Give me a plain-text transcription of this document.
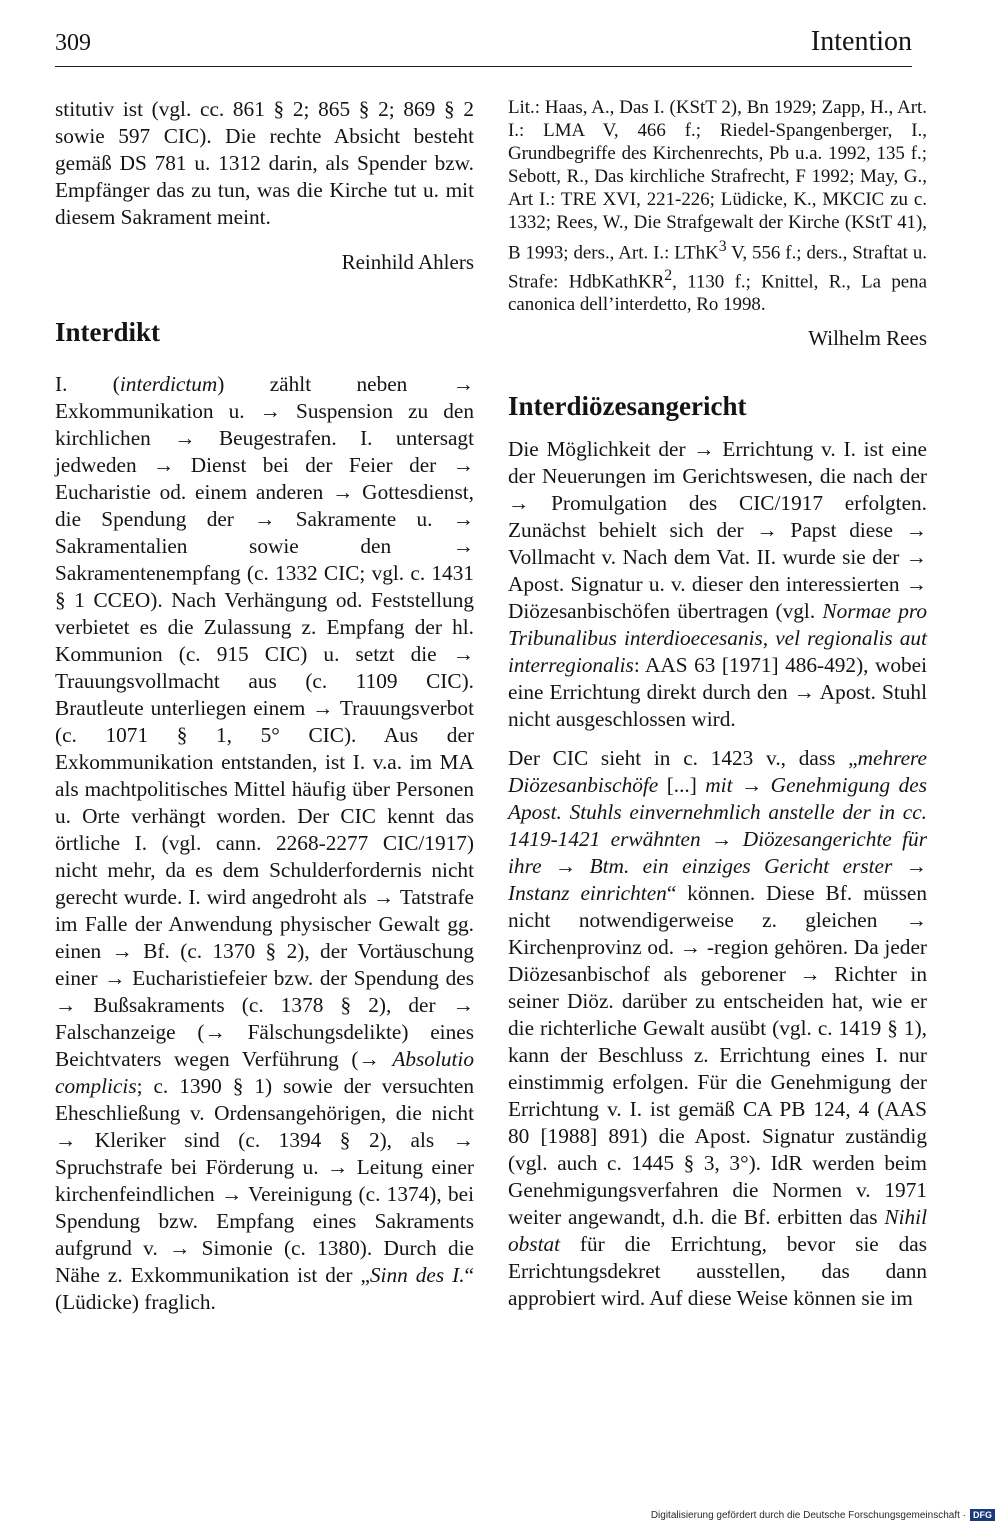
309	Intention

stitutiv ist (vgl. cc. 861 § 2; 865 § 2; 869 § 2 sowie 597 CIC). Die rechte Absicht besteht gemäß DS 781 u. 1312 darin, als Spender bzw. Empfänger das zu tun, was die Kirche tut u. mit diesem Sakrament meint.

Reinhild Ahlers

Interdikt

I. (interdictum) zählt neben → Exkommunikation u. → Suspension zu den kirchlichen → Beugestrafen. I. untersagt jedweden → Dienst bei der Feier der → Eucharistie od. einem anderen → Gottesdienst, die Spendung der → Sakramente u. → Sakramentalien sowie den → Sakramentenempfang (c. 1332 CIC; vgl. c. 1431 § 1 CCEO). Nach Verhängung od. Feststellung verbietet es die Zulassung z. Empfang der hl. Kommunion (c. 915 CIC) u. setzt die → Trauungsvollmacht aus (c. 1109 CIC). Brautleute unterliegen einem → Trauungsverbot (c. 1071 § 1, 5° CIC). Aus der Exkommunikation entstanden, ist I. v.a. im MA als machtpolitisches Mittel häufig über Personen u. Orte verhängt worden. Der CIC kennt das örtliche I. (vgl. cann. 2268-2277 CIC/1917) nicht mehr, da es dem Schulderfordernis nicht gerecht wurde. I. wird angedroht als → Tatstrafe im Falle der Anwendung physischer Gewalt gg. einen → Bf. (c. 1370 § 2), der Vortäuschung einer → Eucharistiefeier bzw. der Spendung des → Bußsakraments (c. 1378 § 2), der → Falschanzeige (→ Fälschungsdelikte) eines Beichtvaters wegen Verführung (→ Absolutio complicis; c. 1390 § 1) sowie der versuchten Eheschließung v. Ordensangehörigen, die nicht → Kleriker sind (c. 1394 § 2), als → Spruchstrafe bei Förderung u. → Leitung einer kirchenfeindlichen → Vereinigung (c. 1374), bei Spendung bzw. Empfang eines Sakraments aufgrund v. → Simonie (c. 1380). Durch die Nähe z. Exkommunikation ist der „Sinn des I.“ (Lüdicke) fraglich.

Lit.: Haas, A., Das I. (KStT 2), Bn 1929; Zapp, H., Art. I.: LMA V, 466 f.; Riedel-Spangenberger, I., Grundbegriffe des Kirchenrechts, Pb u.a. 1992, 135 f.; Sebott, R., Das kirchliche Strafrecht, F 1992; May, G., Art I.: TRE XVI, 221-226; Lüdicke, K., MKCIC zu c. 1332; Rees, W., Die Strafgewalt der Kirche (KStT 41), B 1993; ders., Art. I.: LThK$^3$ V, 556 f.; ders., Straftat u. Strafe: HdbKathKR$^2$, 1130 f.; Knittel, R., La pena canonica dell’interdetto, Ro 1998.

Wilhelm Rees

Interdiözesangericht

Die Möglichkeit der → Errichtung v. I. ist eine der Neuerungen im Gerichtswesen, die nach der → Promulgation des CIC/1917 erfolgten. Zunächst behielt sich der → Papst diese → Vollmacht v. Nach dem Vat. II. wurde sie der → Apost. Signatur u. v. dieser den interessierten → Diözesanbischöfen übertragen (vgl. Normae pro Tribunalibus interdioecesanis, vel regionalis aut interregionalis: AAS 63 [1971] 486-492), wobei eine Errichtung direkt durch den → Apost. Stuhl nicht ausgeschlossen wird.

Der CIC sieht in c. 1423 v., dass „mehrere Diözesanbischöfe [...] mit → Genehmigung des Apost. Stuhls einvernehmlich anstelle der in cc. 1419-1421 erwähnten → Diözesangerichte für ihre → Btm. ein einziges Gericht erster → Instanz einrichten“ können. Diese Bf. müssen nicht notwendigerweise z. gleichen → Kirchenprovinz od. → -region gehören. Da jeder Diözesanbischof als geborener → Richter in seiner Diöz. darüber zu entscheiden hat, wie er die richterliche Gewalt ausübt (vgl. c. 1419 § 1), kann der Beschluss z. Errichtung eines I. nur einstimmig erfolgen. Für die Genehmigung der Errichtung v. I. ist gemäß CA PB 124, 4 (AAS 80 [1988] 891) die Apost. Signatur zuständig (vgl. auch c. 1445 § 3, 3°). IdR werden beim Genehmigungsverfahren die Normen v. 1971 weiter angewandt, d.h. die Bf. erbitten das Nihil obstat für die Errichtung, bevor sie das Errichtungsdekret ausstellen, das dann approbiert wird. Auf diese Weise können sie im

Digitalisierung gefördert durch die Deutsche Forschungsgemeinschaft · DFG
